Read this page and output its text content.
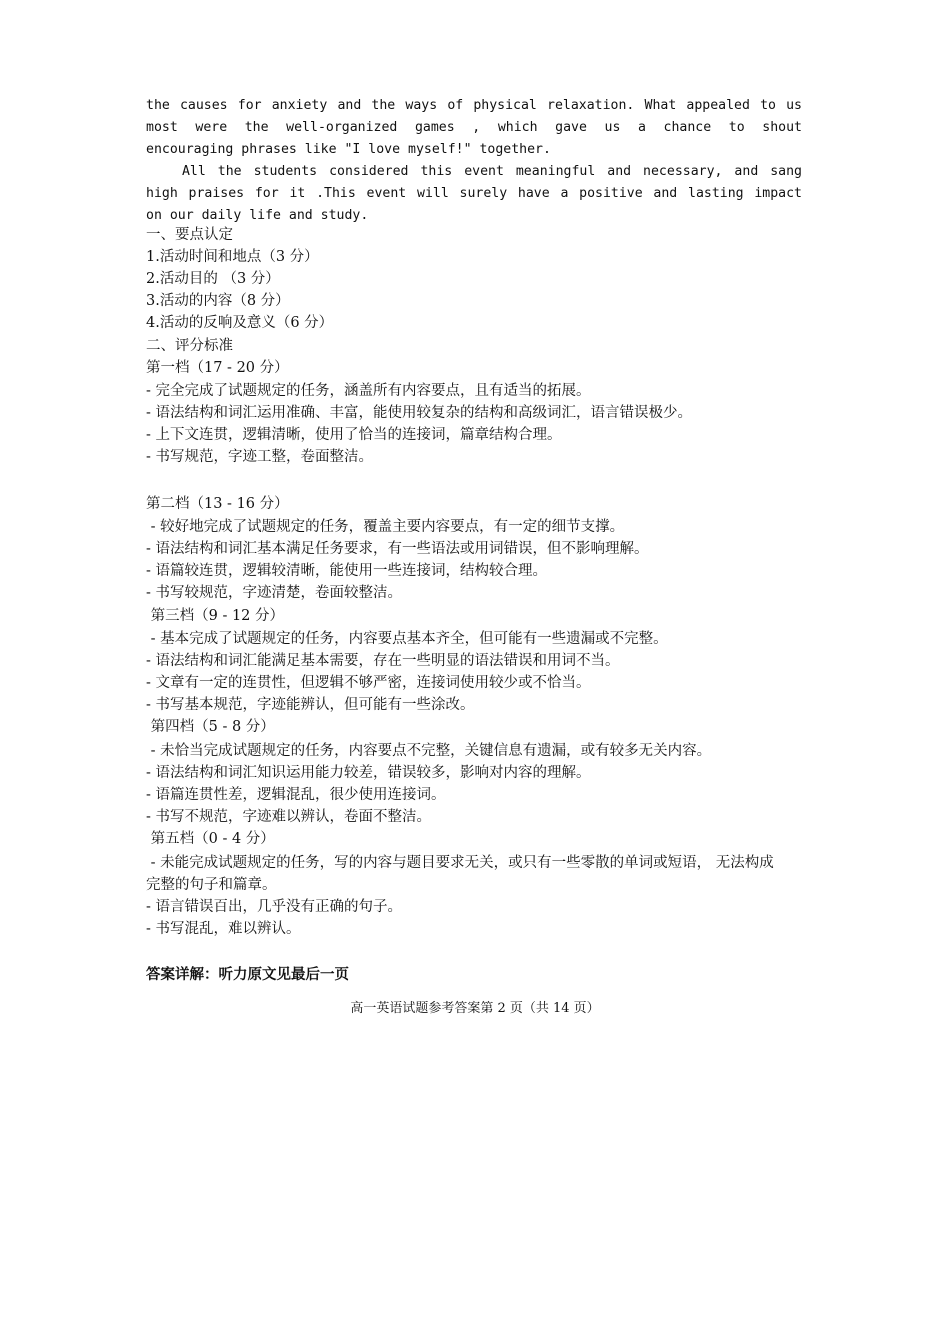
the causes for anxiety and the ways of physical relaxation. What appealed to us
most were the well-organized games , which gave us a chance to shout
encouraging phrases like "I love myself!" together.
All the students considered this event meaningful and necessary, and sang
high praises for it .This event will surely have a positive and lasting impact
on our daily life and study.
一、要点认定
1.活动时间和地点（3 分）
2.活动目的 （3 分）
3.活动的内容（8 分）
4.活动的反响及意义（6 分）
二、评分标准
第一档（17 - 20 分）
- 完全完成了试题规定的任务，涵盖所有内容要点，且有适当的拓展。
- 语法结构和词汇运用准确、丰富，能使用较复杂的结构和高级词汇，语言错误极少。
- 上下文连贯，逻辑清晰，使用了恰当的连接词，篇章结构合理。
- 书写规范，字迹工整，卷面整洁。
第二档（13 - 16 分）
- 较好地完成了试题规定的任务，覆盖主要内容要点，有一定的细节支撑。
- 语法结构和词汇基本满足任务要求，有一些语法或用词错误，但不影响理解。
- 语篇较连贯，逻辑较清晰，能使用一些连接词，结构较合理。
- 书写较规范，字迹清楚，卷面较整洁。
第三档（9 - 12 分）
- 基本完成了试题规定的任务，内容要点基本齐全，但可能有一些遗漏或不完整。
- 语法结构和词汇能满足基本需要，存在一些明显的语法错误和用词不当。
- 文章有一定的连贯性，但逻辑不够严密，连接词使用较少或不恰当。
- 书写基本规范，字迹能辨认，但可能有一些涂改。
第四档（5 - 8 分）
- 未恰当完成试题规定的任务，内容要点不完整，关键信息有遗漏，或有较多无关内容。
- 语法结构和词汇知识运用能力较差，错误较多，影响对内容的理解。
- 语篇连贯性差，逻辑混乱，很少使用连接词。
- 书写不规范，字迹难以辨认，卷面不整洁。
第五档（0 - 4 分）
- 未能完成试题规定的任务，写的内容与题目要求无关，或只有一些零散的单词或短语， 无法构成完整的句子和篇章。
- 语言错误百出，几乎没有正确的句子。
- 书写混乱，难以辨认。
答案详解：听力原文见最后一页
高一英语试题参考答案第 2 页（共 14 页）
